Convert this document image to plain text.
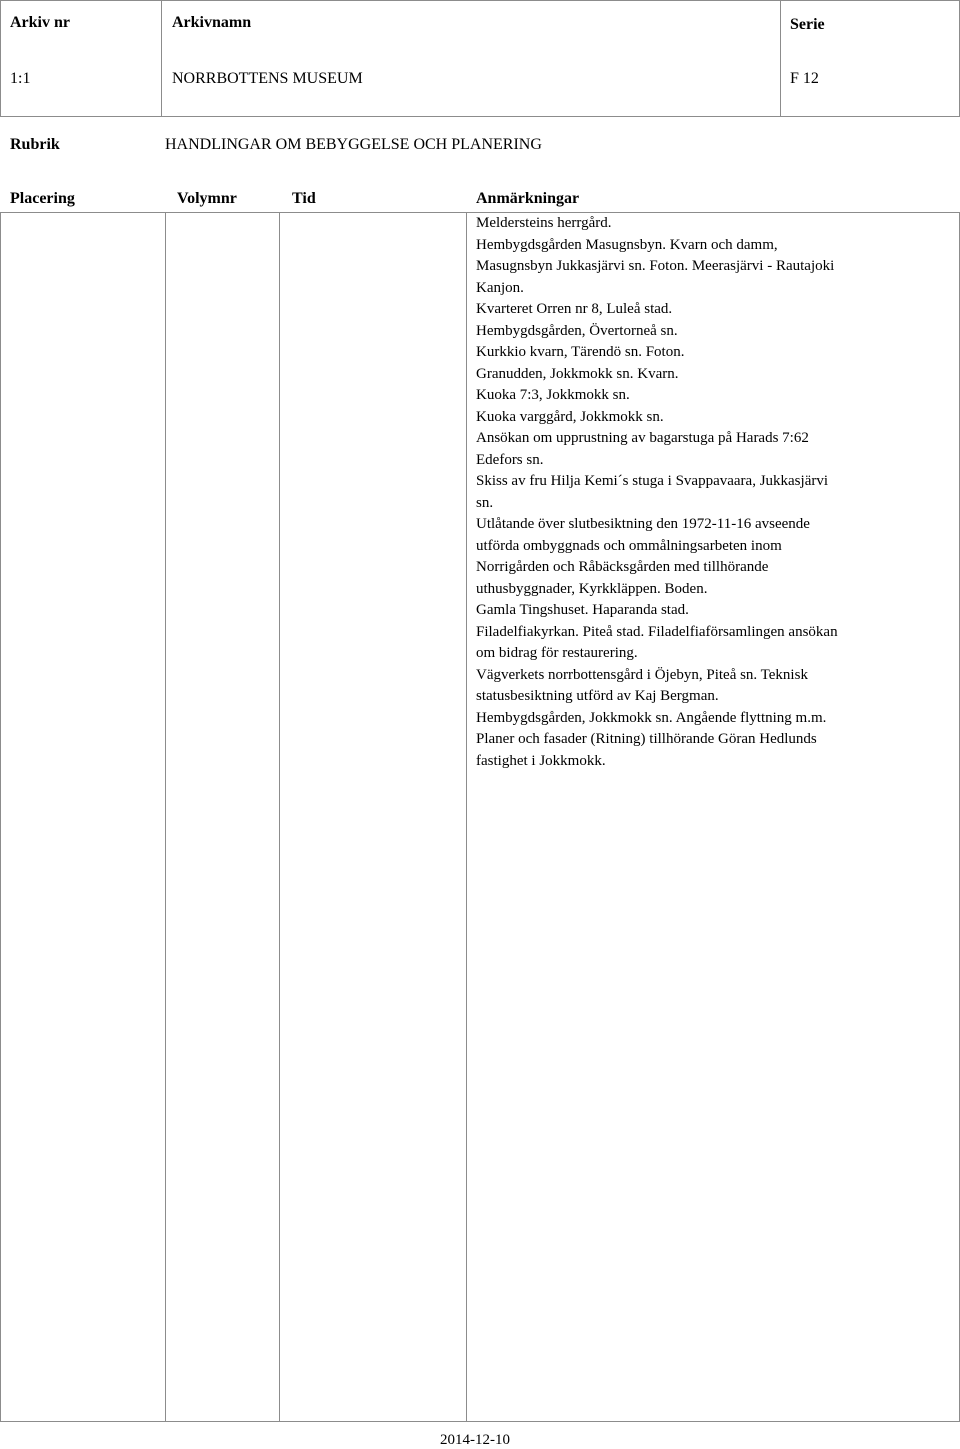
Arkiv nr	Arkivnamn	Serie
1:1	NORRBOTTENS MUSEUM	F 12
Rubrik	HANDLINGAR OM BEBYGGELSE OCH PLANERING
Placering	Volymnr	Tid	Anmärkningar
Meldersteins herrgård.
Hembygdsgården Masugnsbyn. Kvarn och damm,
Masugnsbyn Jukkasjärvi sn. Foton. Meerasjärvi - Rautajoki
Kanjon.
Kvarteret Orren nr 8, Luleå stad.
Hembygdsgården, Övertorneå sn.
Kurkkio kvarn, Tärendö sn. Foton.
Granudden, Jokkmokk sn. Kvarn.
Kuoka 7:3, Jokkmokk sn.
Kuoka varggård, Jokkmokk sn.
Ansökan om upprustning av bagarstuga på Harads 7:62
Edefors sn.
Skiss av fru Hilja Kemi´s stuga i Svappavaara, Jukkasjärvi
sn.
Utlåtande över slutbesiktning den 1972-11-16 avseende
utförda ombyggnads och ommålningsarbeten inom
Norrigården och Råbäcksgården med tillhörande
uthusbyggnader, Kyrkkläppen. Boden.
Gamla Tingshuset. Haparanda stad.
Filadelfiakyrkan. Piteå stad. Filadelfiaförsamlingen ansökan
om bidrag för restaurering.
Vägverkets norrbottensgård i Öjebyn, Piteå sn. Teknisk
statusbesiktning utförd av Kaj Bergman.
Hembygdsgården, Jokkmokk sn. Angående flyttning m.m.
Planer och fasader (Ritning) tillhörande Göran Hedlunds
fastighet i Jokkmokk.
2014-12-10
